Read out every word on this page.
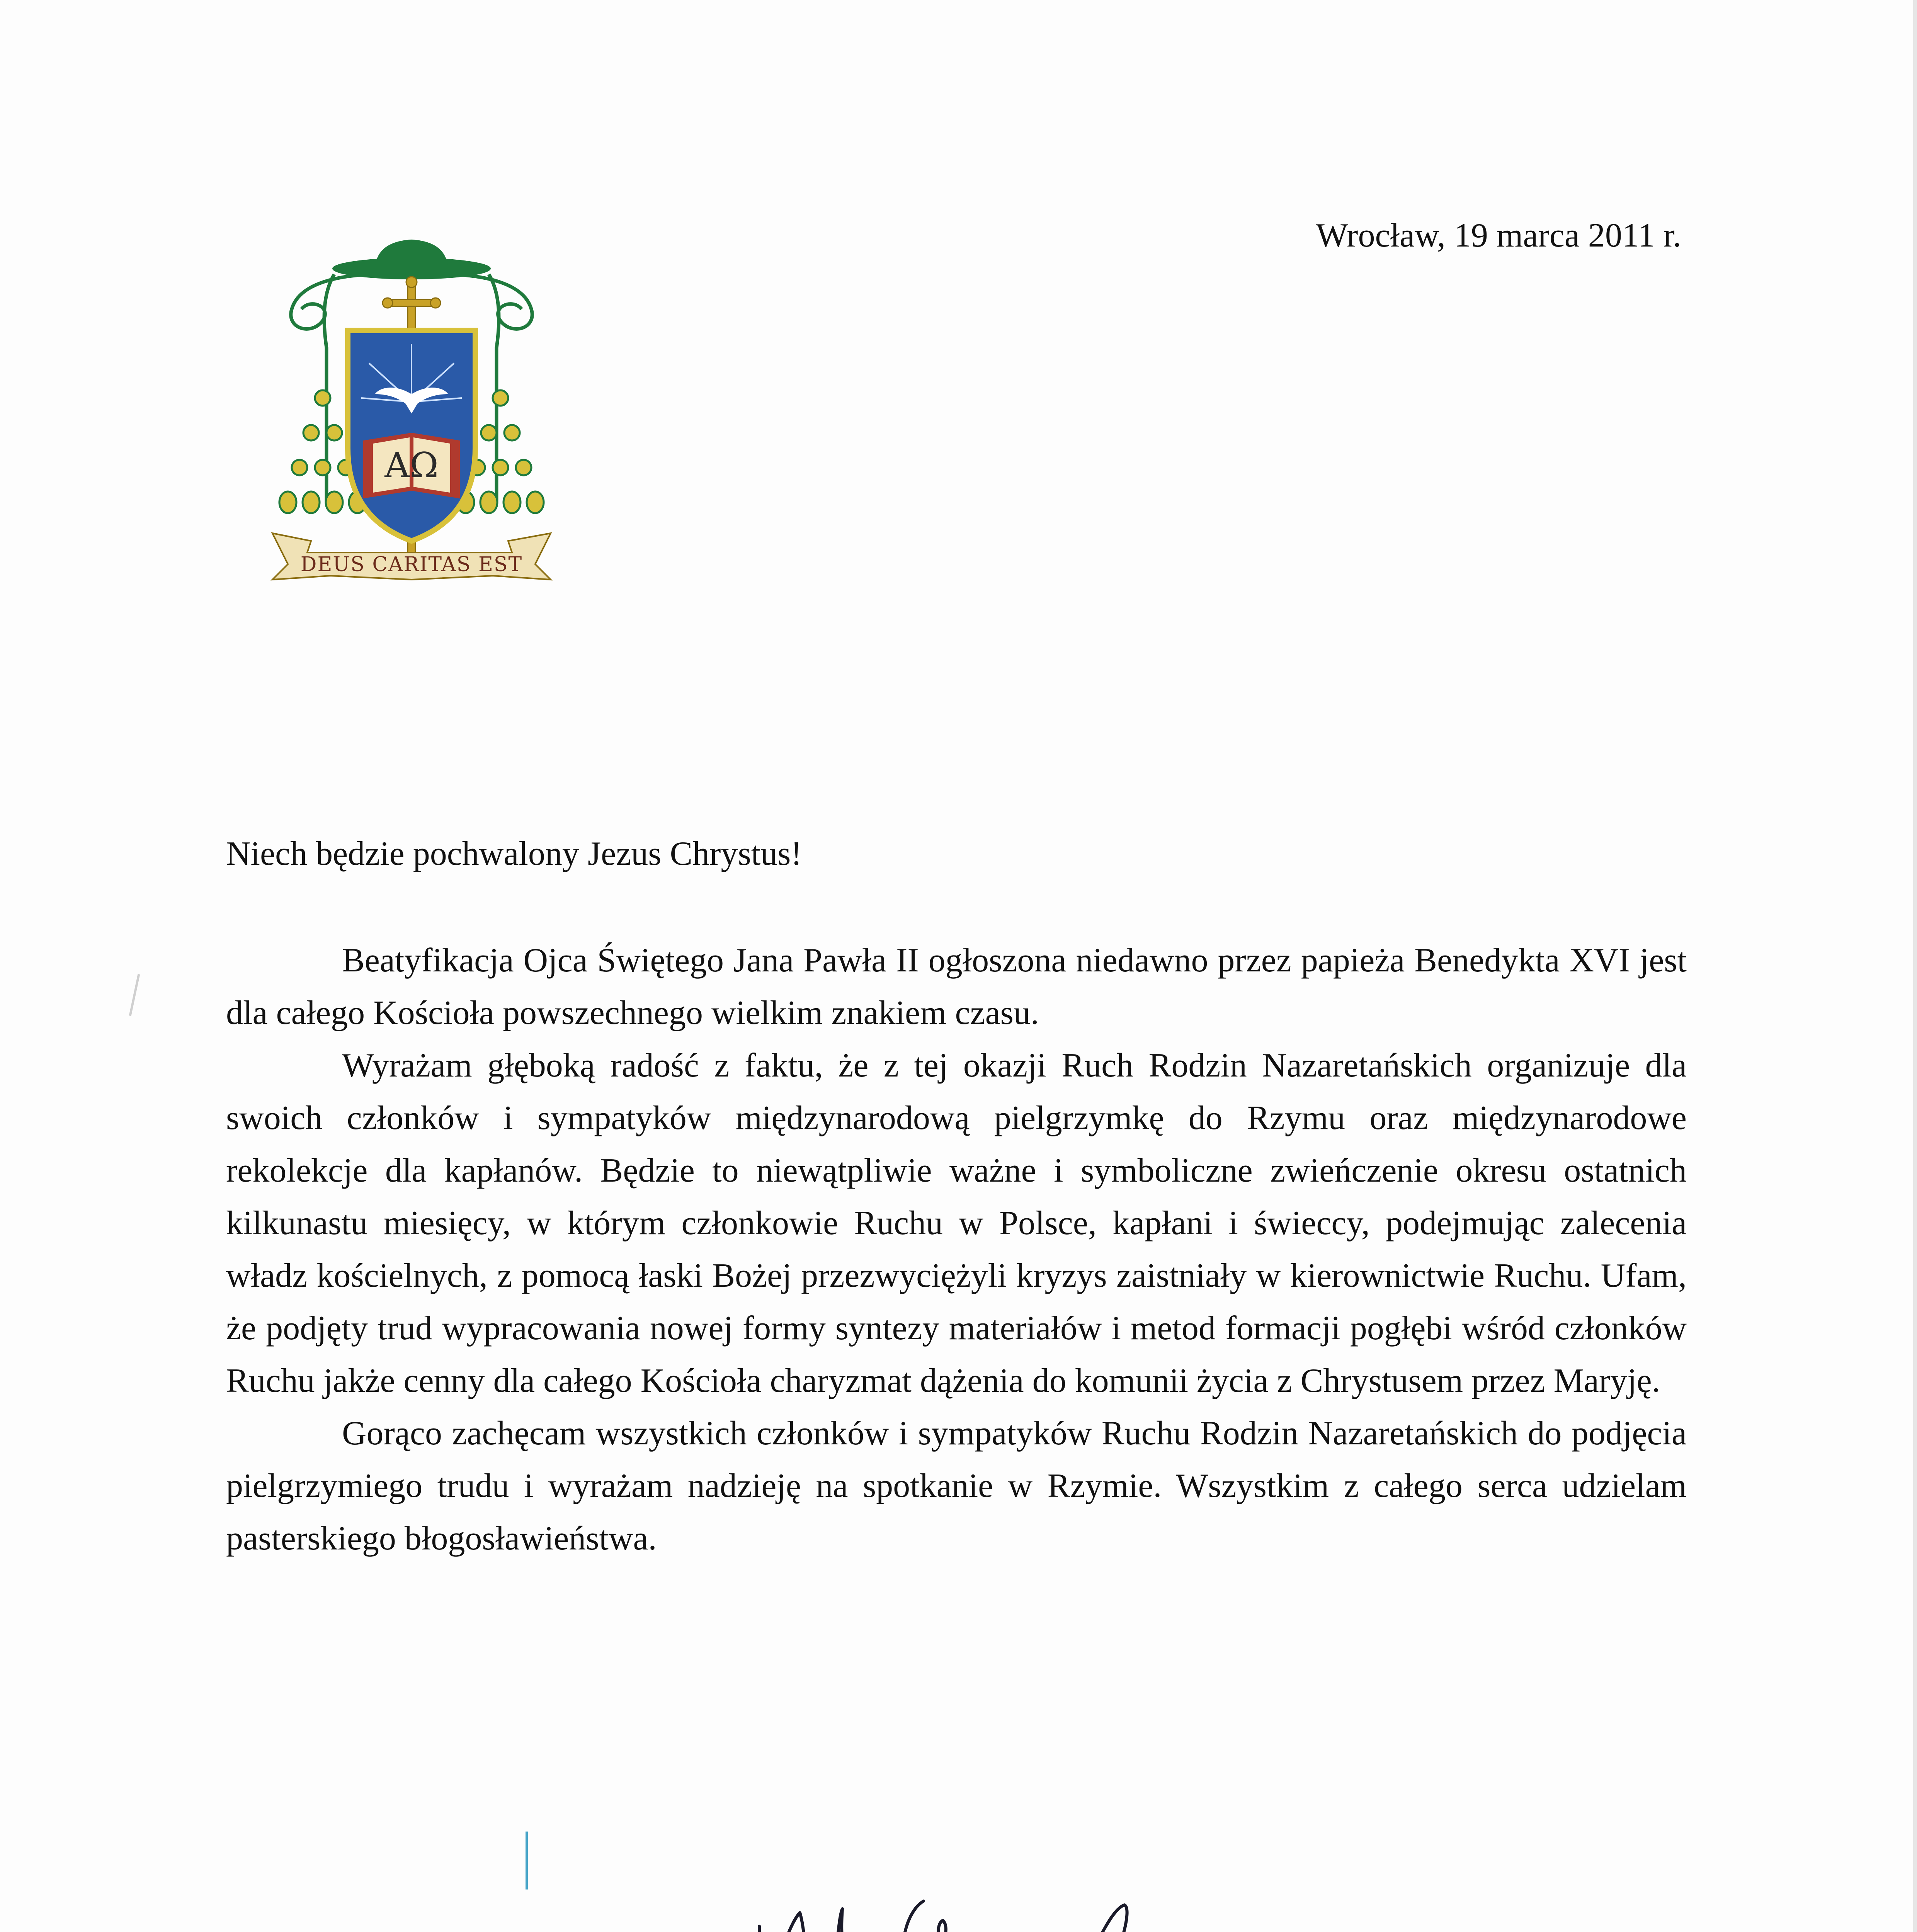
AΩ
DEUS CARITAS EST
Wrocław, 19 marca 2011 r.
Niech będzie pochwalony Jezus Chrystus!

Beatyfikacja Ojca Świętego Jana Pawła II ogłoszona niedawno przez papieża Benedykta XVI jest dla całego Kościoła powszechnego wielkim znakiem czasu.

Wyrażam głęboką radość z faktu, że z tej okazji Ruch Rodzin Nazaretańskich organizuje dla swoich członków i sympatyków międzynarodową pielgrzymkę do Rzymu oraz międzynarodowe rekolekcje dla kapłanów. Będzie to niewątpliwie ważne i symboliczne zwieńczenie okresu ostatnich kilkunastu miesięcy, w którym członkowie Ruchu w Polsce, kapłani i świeccy, podejmując zalecenia władz kościelnych, z pomocą łaski Bożej przezwyciężyli kryzys zaistniały w kierownictwie Ruchu. Ufam, że podjęty trud wypracowania nowej formy syntezy materiałów i metod formacji pogłębi wśród członków Ruchu jakże cenny dla całego Kościoła charyzmat dążenia do komunii życia z Chrystusem przez Maryję.

Gorąco zachęcam wszystkich członków i sympatyków Ruchu Rodzin Nazaretańskich do podjęcia pielgrzymiego trudu i wyrażam nadzieję na spotkanie w Rzymie. Wszystkim z całego serca udzielam pasterskiego błogosławieństwa.
